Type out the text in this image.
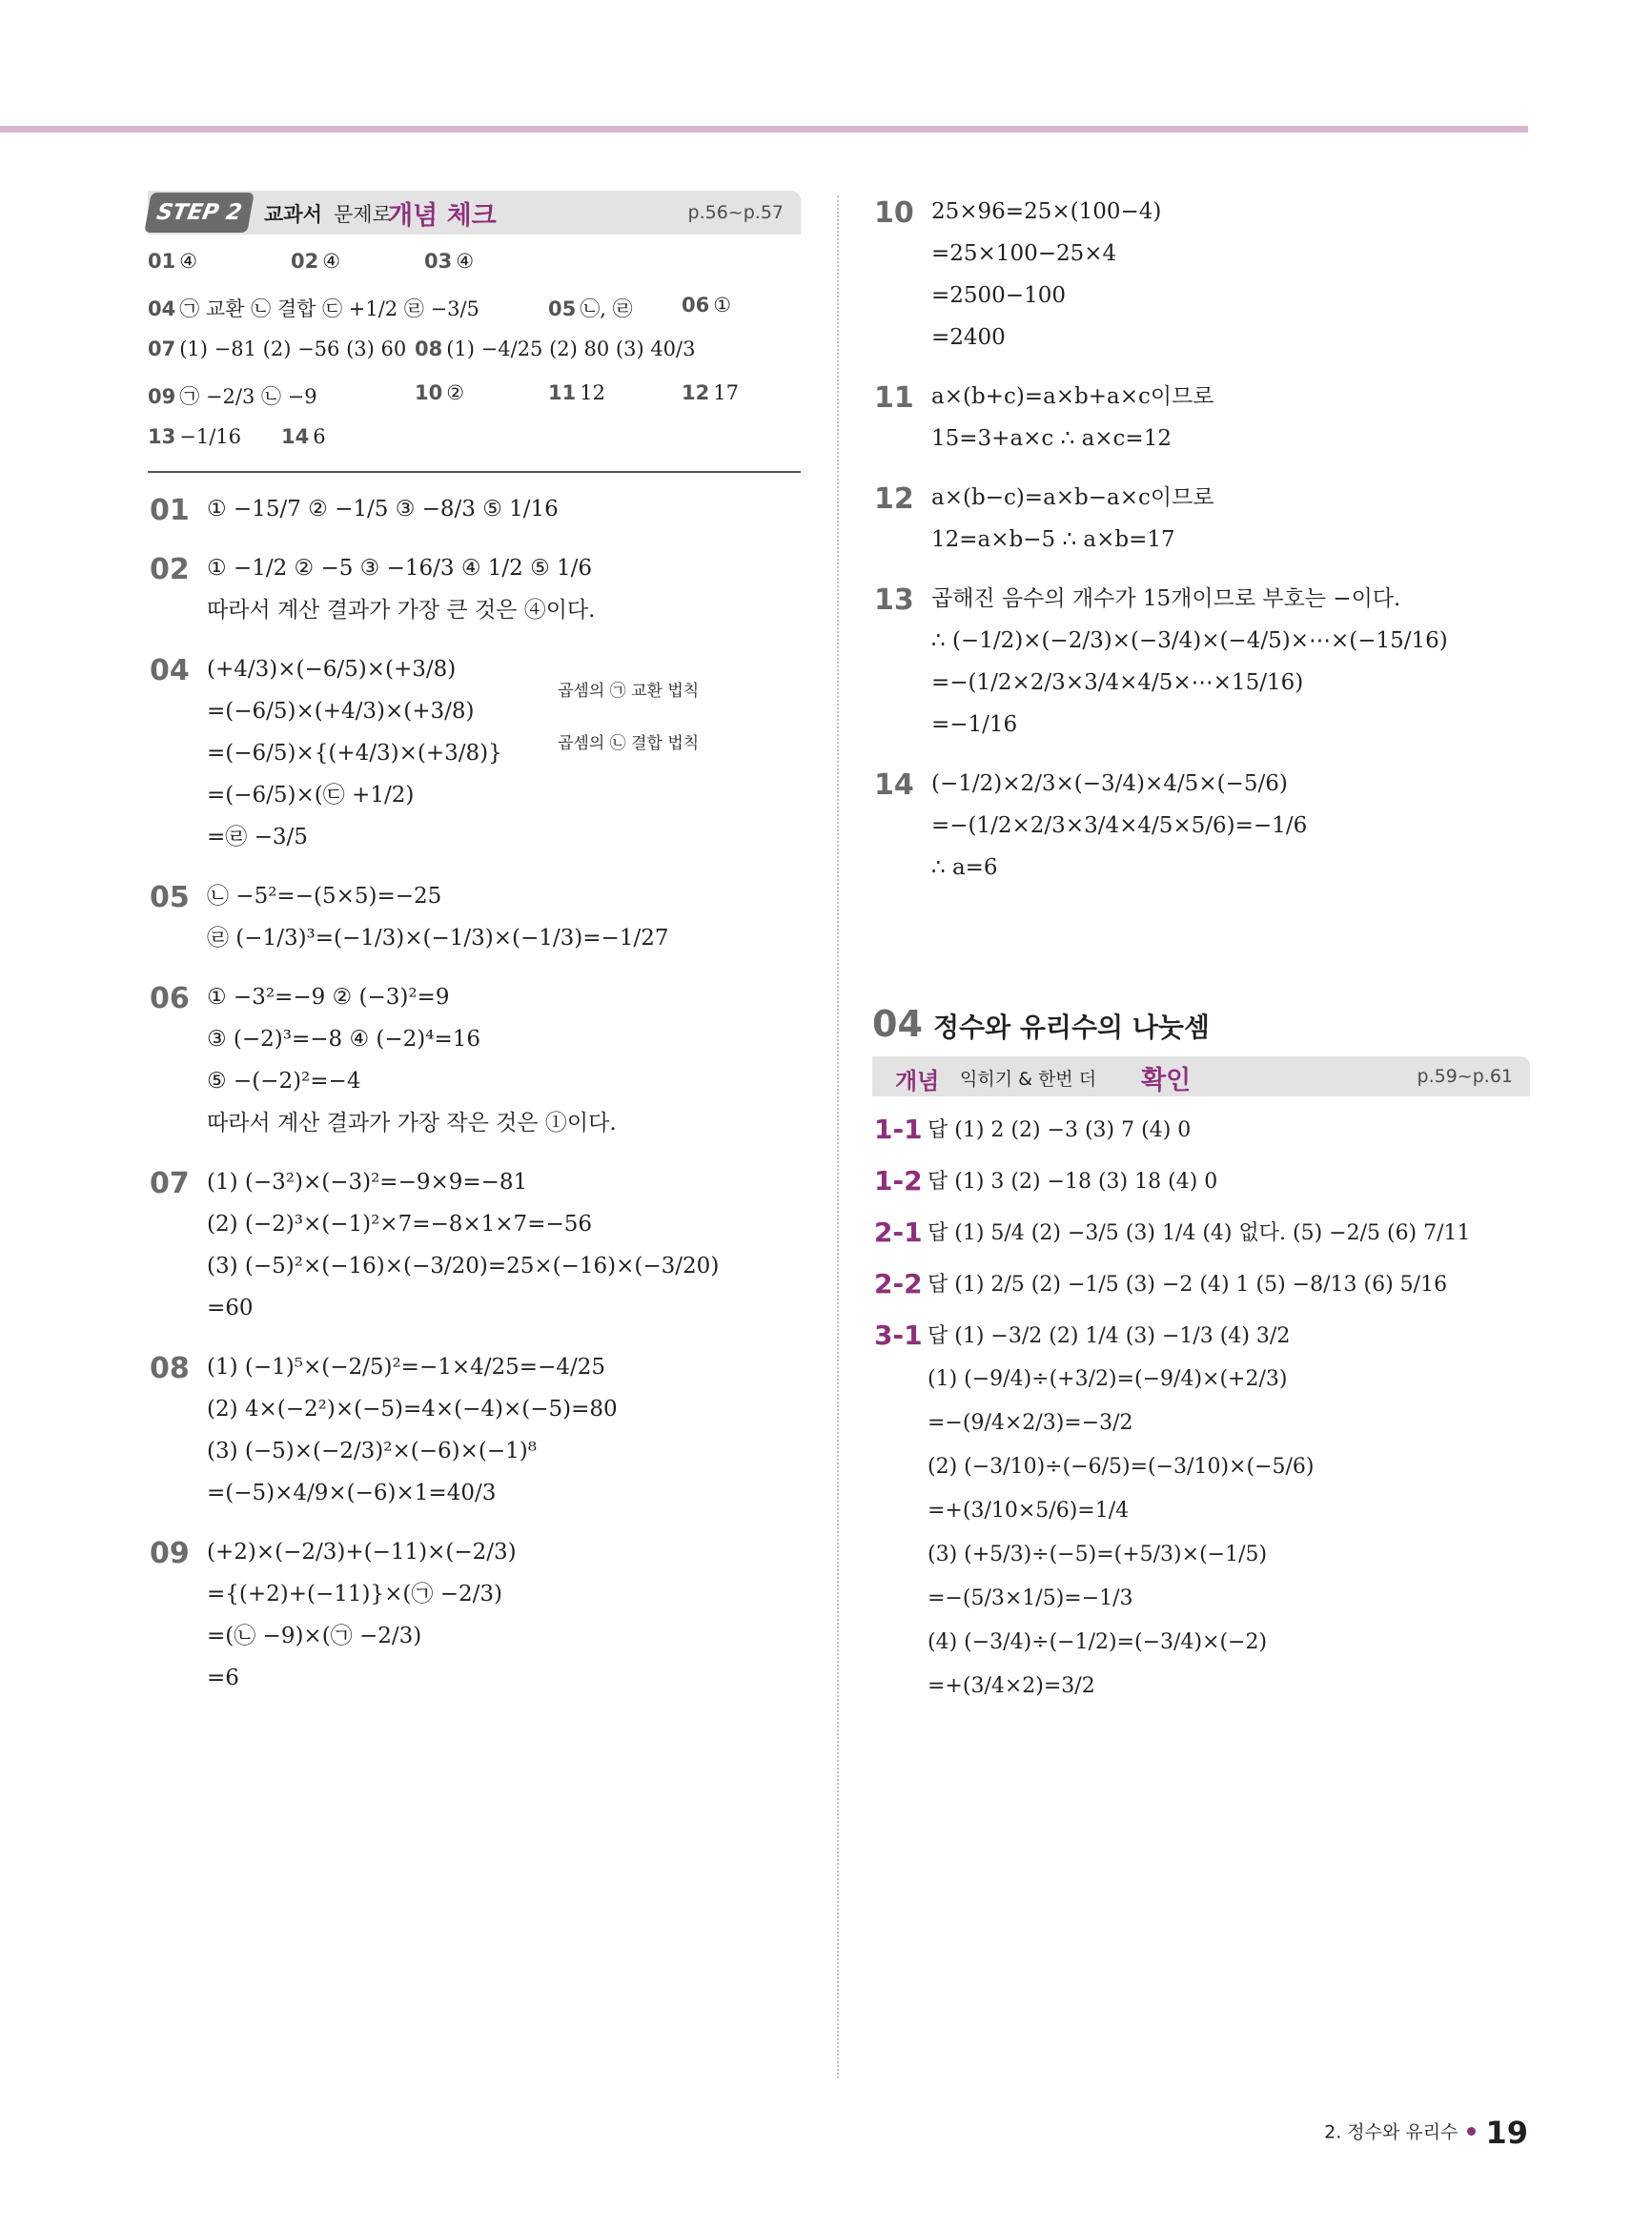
STEP 2	교과서 문제로
개념 체크	p.56~p.57
01 ④	02 ④	03 ④
04 ㉠ 교환 ㉡ 결합 ㉢ +1/2 ㉣ −3/5	05 ㉡, ㉣ 06 ①
07 (1) −81 (2) −56 (3) 60 08 (1) −4/25 (2) 80 (3) 40/3
09 ㉠ −2/3 ㉡ −9	10 ②	11 12	12 17
13 −1/16 14 6
01 ① −15/7 ② −1/5 ③ −8/3 ⑤ 1/16
02 ① −1/2 ② −5 ③ −16/3 ④ 1/2 ⑤ 1/6
따라서 계산 결과가 가장 큰 것은 ④이다.
04
곱셈의 ㉠ 교환 법칙
곱셈의 ㉡ 결합 법칙
(+4/3)×(−6/5)×(+3/8)
=(−6/5)×(+4/3)×(+3/8)
=(−6/5)×{(+4/3)×(+3/8)}
=(−6/5)×(㉢ +1/2)
=㉣ −3/5
05 ㉡ −5²=−(5×5)=−25
㉣ (−1/3)³=(−1/3)×(−1/3)×(−1/3)=−1/27
06 ① −3²=−9 ② (−3)²=9
③ (−2)³=−8 ④ (−2)⁴=16
⑤ −(−2)²=−4
따라서 계산 결과가 가장 작은 것은 ①이다.
07 (1) (−3²)×(−3)²=−9×9=−81
(2) (−2)³×(−1)²×7=−8×1×7=−56
(3) (−5)²×(−16)×(−3/20)=25×(−16)×(−3/20)
=60
08 (1) (−1)⁵×(−2/5)²=−1×4/25=−4/25
(2) 4×(−2²)×(−5)=4×(−4)×(−5)=80
(3) (−5)×(−2/3)²×(−6)×(−1)⁸
=(−5)×4/9×(−6)×1=40/3
09 (+2)×(−2/3)+(−11)×(−2/3)
={(+2)+(−11)}×(㉠ −2/3)
=(㉡ −9)×(㉠ −2/3)
=6
10 25×96=25×(100−4)
=25×100−25×4
=2500−100
=2400
11 a×(b+c)=a×b+a×c이므로
15=3+a×c ∴ a×c=12
12 a×(b−c)=a×b−a×c이므로
12=a×b−5 ∴ a×b=17
13 곱해진 음수의 개수가 15개이므로 부호는 −이다.
∴ (−1/2)×(−2/3)×(−3/4)×(−4/5)×⋯×(−15/16)
=−(1/2×2/3×3/4×4/5×⋯×15/16)
=−1/16
14 (−1/2)×2/3×(−3/4)×4/5×(−5/6)
=−(1/2×2/3×3/4×4/5×5/6)=−1/6
∴ a=6
04 정수와 유리수의 나눗셈
개념 익히기 & 한번 더 확인	p.59~p.61
1-1 답 (1) 2 (2) −3 (3) 7 (4) 0
1-2 답 (1) 3 (2) −18 (3) 18 (4) 0
2-1 답 (1) 5/4 (2) −3/5 (3) 1/4 (4) 없다. (5) −2/5 (6) 7/11
2-2 답 (1) 2/5 (2) −1/5 (3) −2 (4) 1 (5) −8/13 (6) 5/16
3-1 답 (1) −3/2 (2) 1/4 (3) −1/3 (4) 3/2
(1) (−9/4)÷(+3/2)=(−9/4)×(+2/3)
=−(9/4×2/3)=−3/2
(2) (−3/10)÷(−6/5)=(−3/10)×(−5/6)
=+(3/10×5/6)=1/4
(3) (+5/3)÷(−5)=(+5/3)×(−1/5)
=−(5/3×1/5)=−1/3
(4) (−3/4)÷(−1/2)=(−3/4)×(−2)
=+(3/4×2)=3/2
2. 정수와 유리수 19
